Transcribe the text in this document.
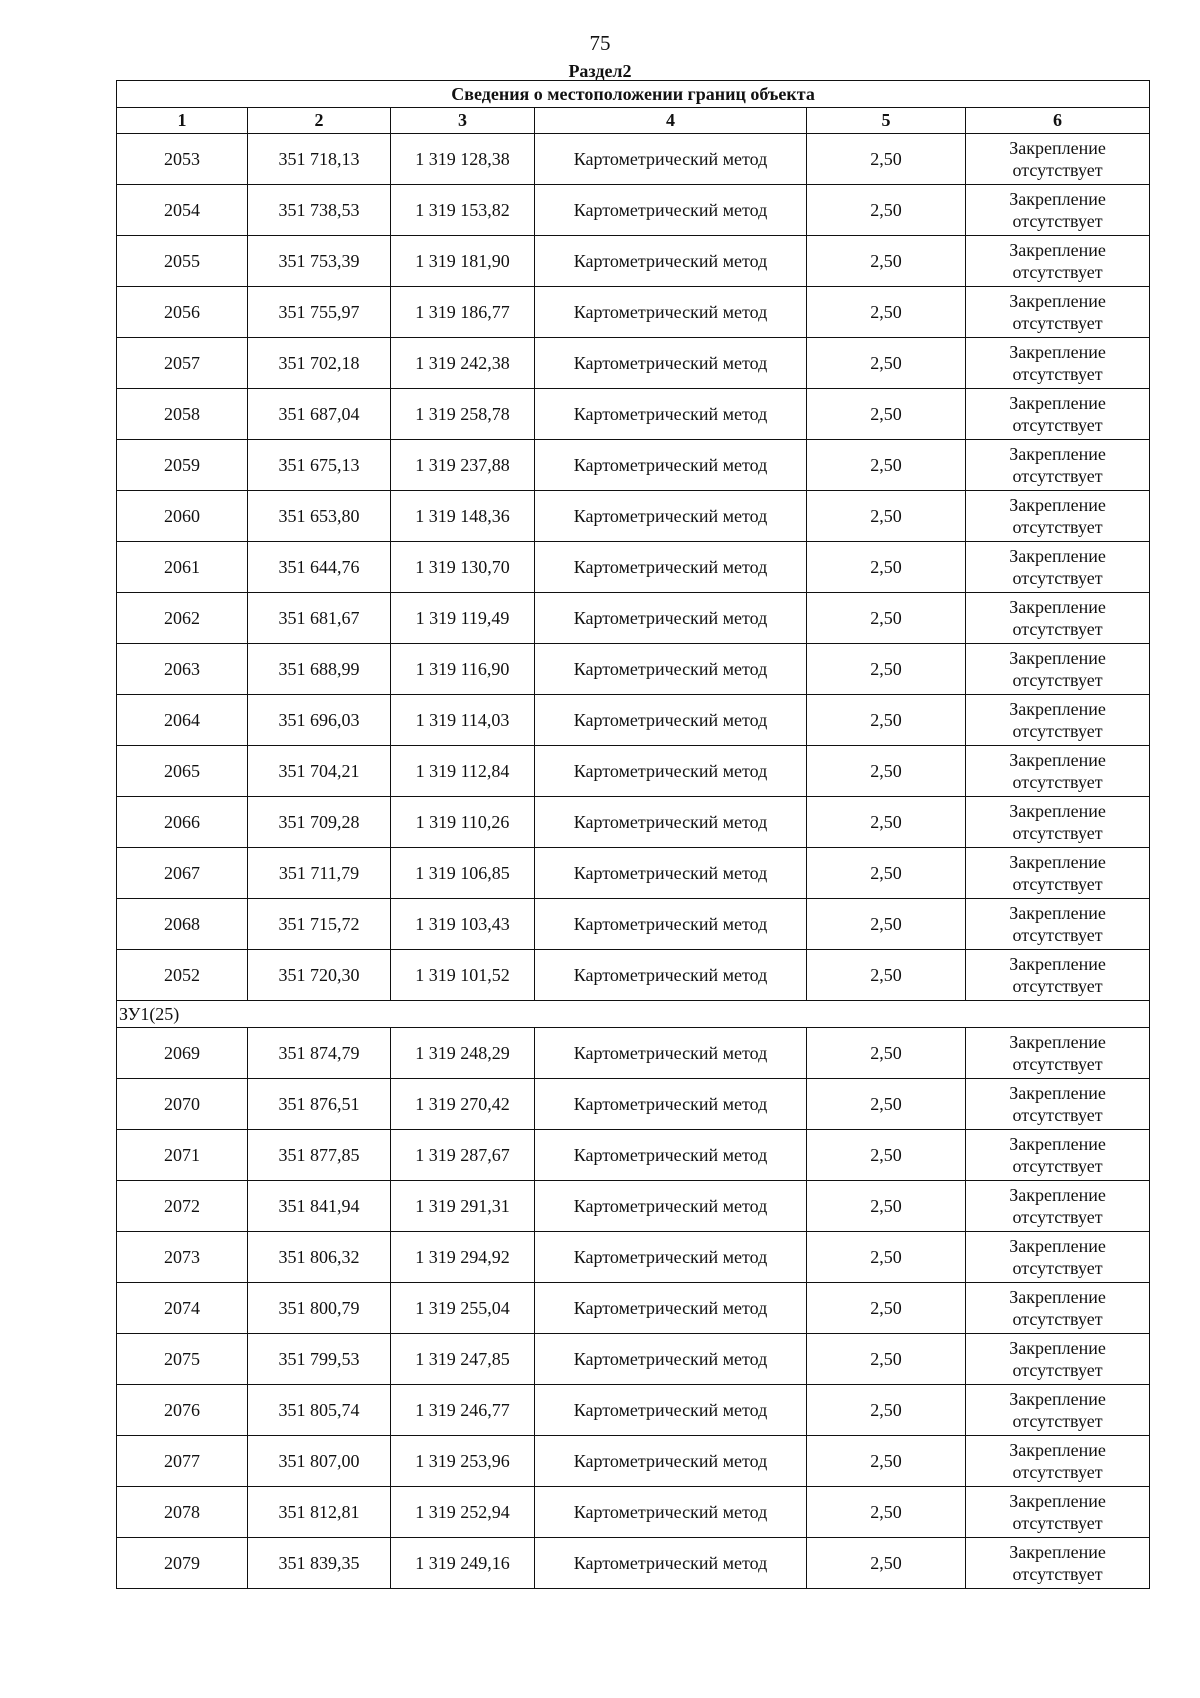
75
Раздел2
Сведения о местоположении границ объекта					
1	2	3	4	5	6
2053	351 718,13	1 319 128,38	Картометрический метод	2,50	Закрепление
отсутствует

2054	351 738,53	1 319 153,82	Картометрический метод	2,50	Закрепление
отсутствует

2055	351 753,39	1 319 181,90	Картометрический метод	2,50	Закрепление
отсутствует

2056	351 755,97	1 319 186,77	Картометрический метод	2,50	Закрепление
отсутствует

2057	351 702,18	1 319 242,38	Картометрический метод	2,50	Закрепление
отсутствует

2058	351 687,04	1 319 258,78	Картометрический метод	2,50	Закрепление
отсутствует

2059	351 675,13	1 319 237,88	Картометрический метод	2,50	Закрепление
отсутствует

2060	351 653,80	1 319 148,36	Картометрический метод	2,50	Закрепление
отсутствует

2061	351 644,76	1 319 130,70	Картометрический метод	2,50	Закрепление
отсутствует

2062	351 681,67	1 319 119,49	Картометрический метод	2,50	Закрепление
отсутствует

2063	351 688,99	1 319 116,90	Картометрический метод	2,50	Закрепление
отсутствует

2064	351 696,03	1 319 114,03	Картометрический метод	2,50	Закрепление
отсутствует

2065	351 704,21	1 319 112,84	Картометрический метод	2,50	Закрепление
отсутствует

2066	351 709,28	1 319 110,26	Картометрический метод	2,50	Закрепление
отсутствует

2067	351 711,79	1 319 106,85	Картометрический метод	2,50	Закрепление
отсутствует

2068	351 715,72	1 319 103,43	Картометрический метод	2,50	Закрепление
отсутствует

2052	351 720,30	1 319 101,52	Картометрический метод	2,50	Закрепление
отсутствует

ЗУ1(25)					
2069	351 874,79	1 319 248,29	Картометрический метод	2,50	Закрепление
отсутствует

2070	351 876,51	1 319 270,42	Картометрический метод	2,50	Закрепление
отсутствует

2071	351 877,85	1 319 287,67	Картометрический метод	2,50	Закрепление
отсутствует

2072	351 841,94	1 319 291,31	Картометрический метод	2,50	Закрепление
отсутствует

2073	351 806,32	1 319 294,92	Картометрический метод	2,50	Закрепление
отсутствует

2074	351 800,79	1 319 255,04	Картометрический метод	2,50	Закрепление
отсутствует

2075	351 799,53	1 319 247,85	Картометрический метод	2,50	Закрепление
отсутствует

2076	351 805,74	1 319 246,77	Картометрический метод	2,50	Закрепление
отсутствует

2077	351 807,00	1 319 253,96	Картометрический метод	2,50	Закрепление
отсутствует

2078	351 812,81	1 319 252,94	Картометрический метод	2,50	Закрепление
отсутствует

2079	351 839,35	1 319 249,16	Картометрический метод	2,50	Закрепление
отсутствует
